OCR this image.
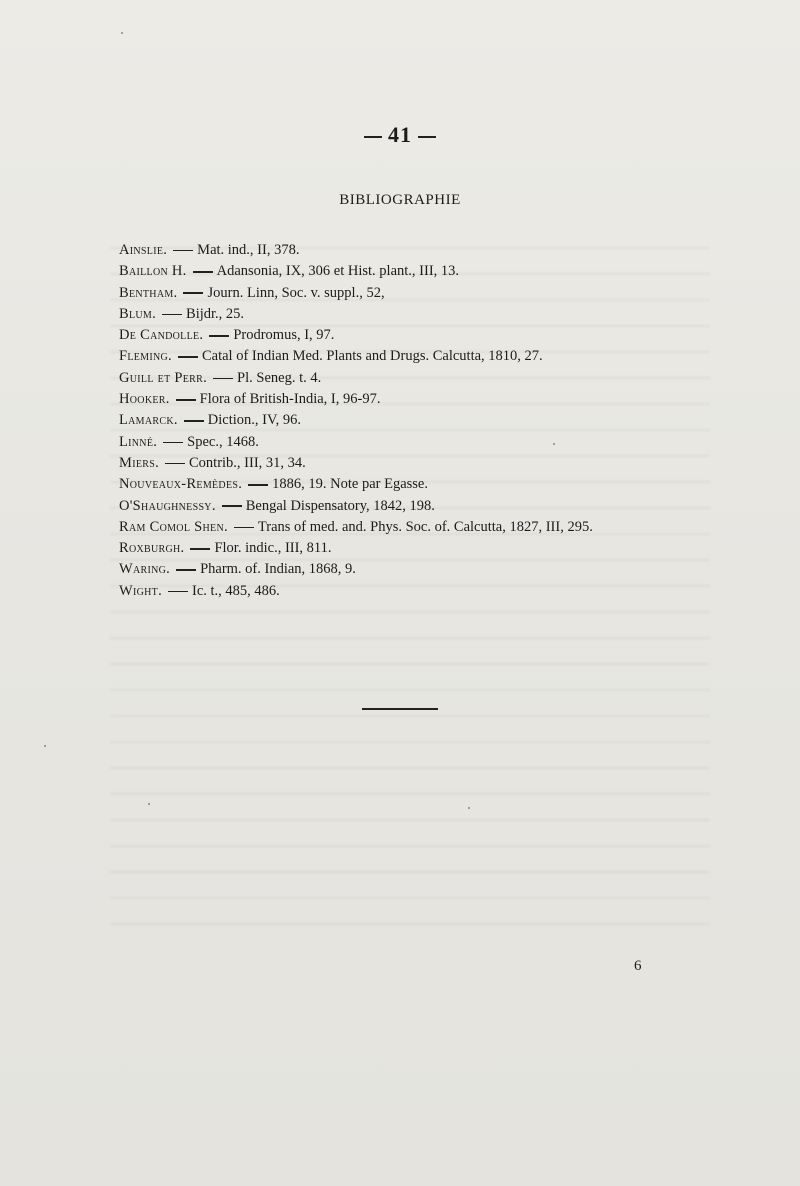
41
BIBLIOGRAPHIE
Ainslie. Mat. ind., II, 378.
Baillon H. Adansonia, IX, 306 et Hist. plant., III, 13.
Bentham. Journ. Linn, Soc. v. suppl., 52,
Blum. Bijdr., 25.
De Candolle. Prodromus, I, 97.
Fleming. Catal of Indian Med. Plants and Drugs. Calcutta, 1810, 27.
Guill et Perr. Pl. Seneg. t. 4.
Hooker. Flora of British-India, I, 96-97.
Lamarck. Diction., IV, 96.
Linné. Spec., 1468.
Miers. Contrib., III, 31, 34.
Nouveaux-Remèdes. 1886, 19. Note par Egasse.
O'Shaughnessy. Bengal Dispensatory, 1842, 198.
Ram Comol Shen. Trans of med. and. Phys. Soc. of. Calcutta, 1827, III, 295.
Roxburgh. Flor. indic., III, 811.
Waring. Pharm. of. Indian, 1868, 9.
Wight. Ic. t., 485, 486.
6
